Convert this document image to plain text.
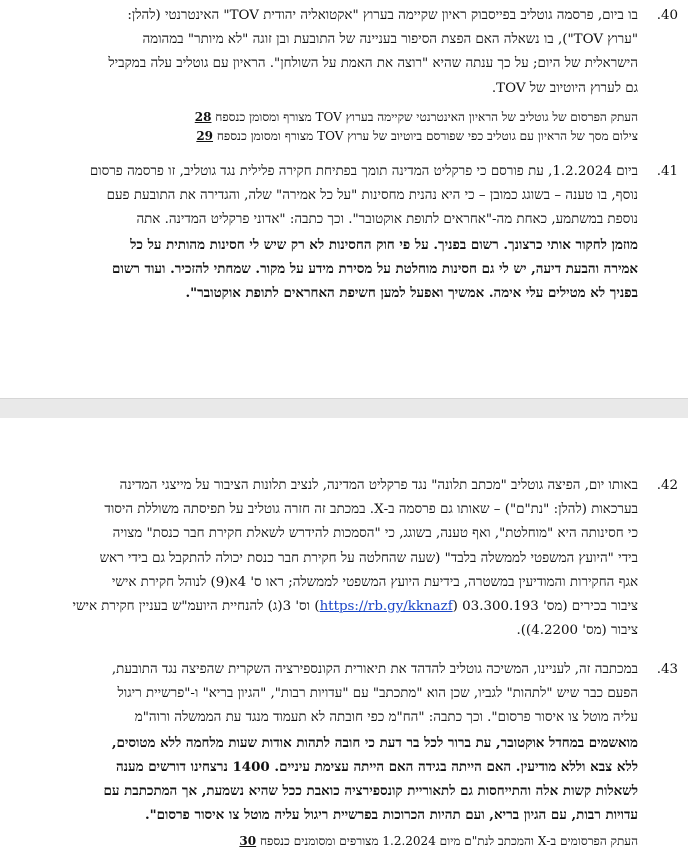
.40
בו ביום, פרסמה גוטליב בפייסבוק ראיון שקיימה בערוץ "אקטואליה יהודית TOV" האינטרנטי (להלן:
"ערוץ TOV"), בו נשאלה האם הפצת הסיפור בעניינה של התובעת ובן זוגה "לא מיותר" במהומה
הישראלית של היום; על כך ענתה שהיא "רוצה את האמת על השולחן". הראיון עם גוטליב עלה במקביל
גם לערוץ היוטיוב של TOV.
העתק הפרסום של גוטליב של הראיון האינטרנטי שקיימה בערוץ TOV מצורף ומסומן כנספח 28
צילום מסך של הראיון עם גוטליב כפי שפורסם ביוטיוב של ערוץ TOV מצורף ומסומן כנספח 29
.41
ביום 1.2.2024, עת פורסם כי פרקליט המדינה תומך בפתיחת חקירה פלילית נגד גוטליב, זו פרסמה פרסום
נוסף, בו טענה – בשוגג כמובן – כי היא נהנית מחסינות "על כל אמירה" שלה, והגדירה את התובעת פעם
נוספת במשתמע, כאחת מה-"אחראים לתופת אוקטובר". וכך כתבה: "אדוני פרקליט המדינה. אתה
מוזמן לחקור אותי כרצונך. רשום בפניך. על פי חוק החסינות לא רק שיש לי חסינות מהותית על כל
אמירה והבעת דיעה, יש לי גם חסינות מוחלטת על מסירת מידע על מקור. שמחתי להזכיר. ועוד רשום
בפניך לא מטילים עלי אימה. אמשיך ואפעל למען חשיפת האחראים לתופת אוקטובר".
.42
באותו יום, הפיצה גוטליב "מכתב תלונה" נגד פרקליט המדינה, לנציב תלונות הציבור על מייצגי המדינה
בערכאות (להלן: "נת"ם") – שאותו גם פרסמה ב-X. במכתב זה חזרה גוטליב על תפיסתה משוללת היסוד
כי חסינותה היא "מוחלטת", ואף טענה, בשוגג, כי "הסמכות להידרש לשאלת חקירת חבר כנסת" מצויה
בידי "היועץ המשפטי לממשלה בלבד" (שעה שהחלטה על חקירת חבר כנסת יכולה להתקבל גם בידי ראש
אגף החקירות והמודיעין במשטרה, בידיעת היועץ המשפטי לממשלה; ראו ס' 4א(9) לנוהל חקירת אישי
ציבור בכירים (מס' 03.300.193 (https://rb.gy/kknazf) וס' 3(ג) להנחיית היועמ"ש בעניין חקירת אישי
ציבור (מס' 4.2200)).
.43
במכתבה זה, לעניינו, המשיכה גוטליב להדהד את תיאורית הקונספירציה השקרית שהפיצה נגד התובעת,
הפעם כבר שיש "לתהות" לגביו, שכן הוא "מתכתב" עם "עדויות רבות", "הגיון בריא" ו-"פרשיית ריגול
עליה מוטל צו איסור פרסום". וכך כתבה: "הח"מ כפי חובתה לא תעמוד מנגד עת הממשלה ורוה"מ
מואשמים במחדל אוקטובר, עת ברור לכל בר דעת כי חובה לתהות אודות שעות מלחמה ללא מטוסים,
ללא צבא וללא מודיעין. האם הייתה בגידה האם הייתה עצימת עיניים. 1400 נרצחינו דורשים מענה
לשאלות קשות אלה והתייחסות גם לתאוריית קונספירציה כואבת ככל שהיא נשמעת, אך המתכתבת עם
עדויות רבות, עם הגיון בריא, ועם תהיות הכרוכות בפרשיית ריגול עליה מוטל צו איסור פרסום".
העתק הפרסומים ב-X והמכתב לנת"ם מיום 1.2.2024 מצורפים ומסומנים כנספח 30
